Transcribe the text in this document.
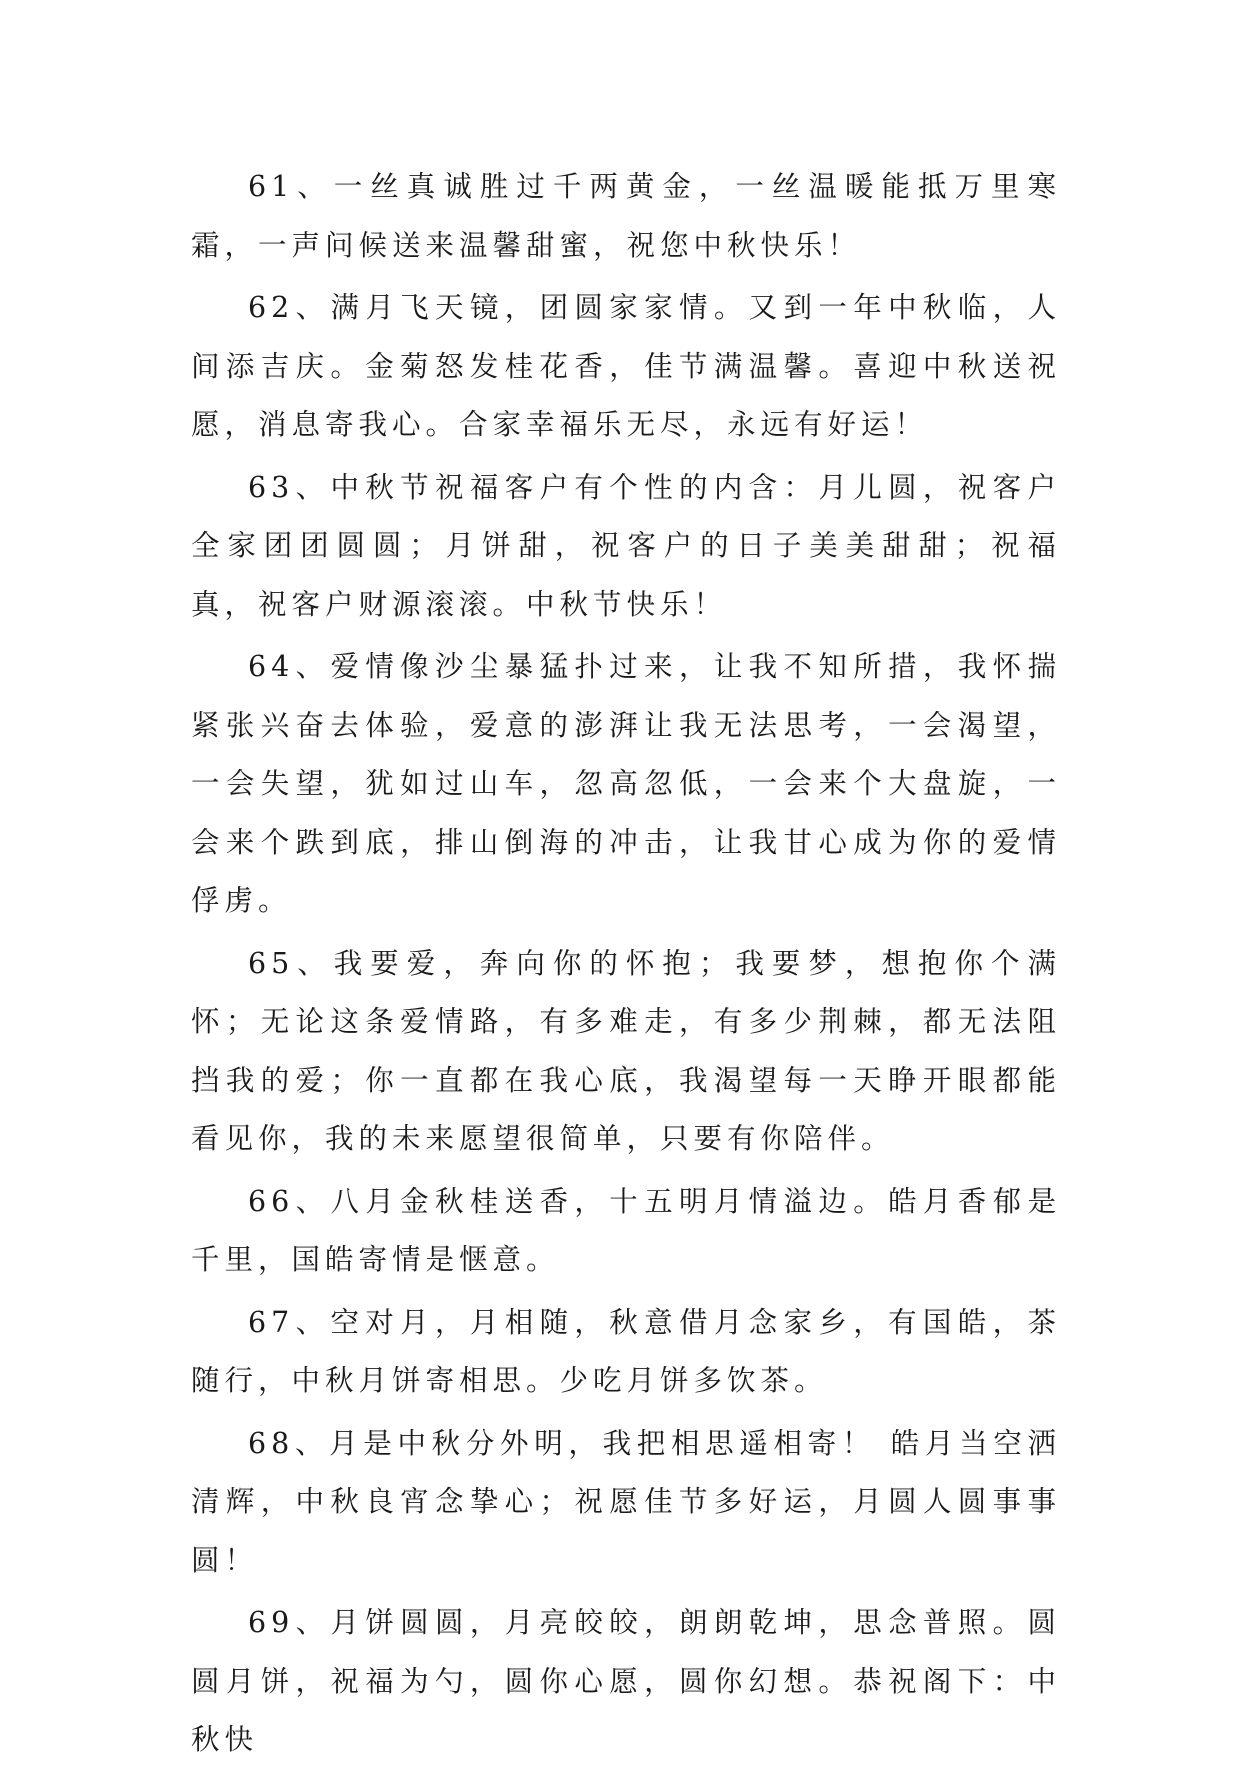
61、一丝真诚胜过千两黄金，一丝温暖能抵万里寒霜，一声问候送来温馨甜蜜，祝您中秋快乐！

62、满月飞天镜，团圆家家情。又到一年中秋临，人间添吉庆。金菊怒发桂花香，佳节满温馨。喜迎中秋送祝愿，消息寄我心。合家幸福乐无尽，永远有好运！

63、中秋节祝福客户有个性的内含：月儿圆，祝客户全家团团圆圆；月饼甜，祝客户的日子美美甜甜；祝福真，祝客户财源滚滚。中秋节快乐！

64、爱情像沙尘暴猛扑过来，让我不知所措，我怀揣紧张兴奋去体验，爱意的澎湃让我无法思考，一会渴望，一会失望，犹如过山车，忽高忽低，一会来个大盘旋，一会来个跌到底，排山倒海的冲击，让我甘心成为你的爱情俘虏。

65、我要爱，奔向你的怀抱；我要梦，想抱你个满怀；无论这条爱情路，有多难走，有多少荆棘，都无法阻挡我的爱；你一直都在我心底，我渴望每一天睁开眼都能看见你，我的未来愿望很简单，只要有你陪伴。

66、八月金秋桂送香，十五明月情溢边。皓月香郁是千里，国皓寄情是惬意。

67、空对月，月相随，秋意借月念家乡，有国皓，茶随行，中秋月饼寄相思。少吃月饼多饮茶。

68、月是中秋分外明，我把相思遥相寄！ 皓月当空洒清辉，中秋良宵念挚心；祝愿佳节多好运，月圆人圆事事圆！

69、月饼圆圆，月亮皎皎，朗朗乾坤，思念普照。圆圆月饼，祝福为勺，圆你心愿，圆你幻想。恭祝阁下：中秋快
